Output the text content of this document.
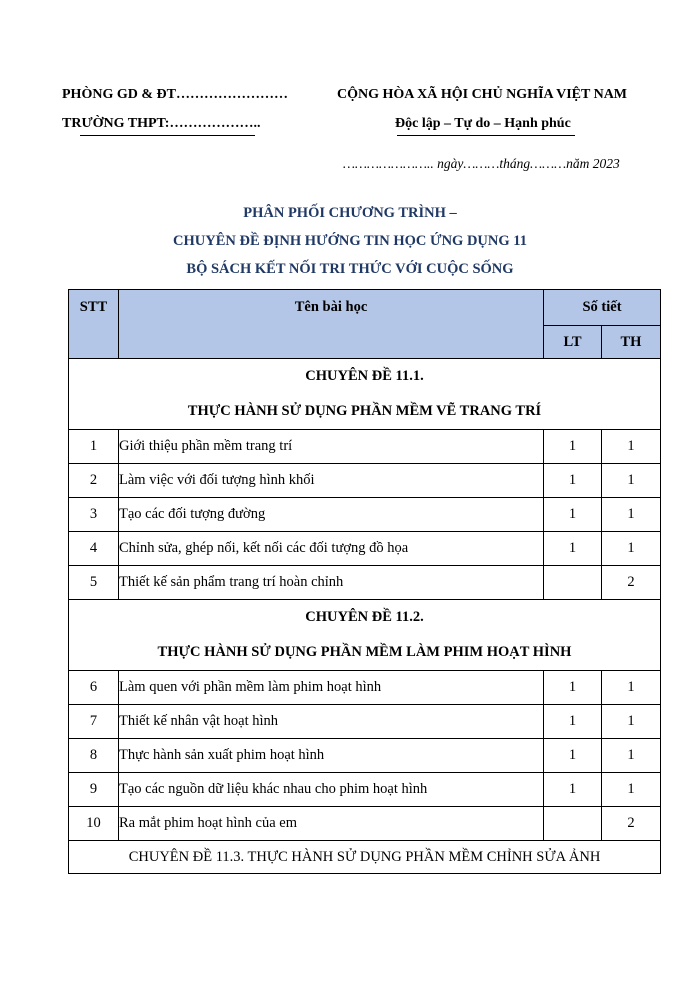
PHÒNG GD & ĐT……………………	CỘNG HÒA XÃ HỘI CHỦ NGHĨA VIỆT NAM
TRƯỜNG THPT:………………..	Độc lập – Tự do – Hạnh phúc
………………….. ngày………tháng………năm 2023
PHÂN PHỐI CHƯƠNG TRÌNH –
CHUYÊN ĐỀ ĐỊNH HƯỚNG TIN HỌC ỨNG DỤNG 11
BỘ SÁCH KẾT NỐI TRI THỨC VỚI CUỘC SỐNG
STT	Tên bài học	Số tiết	
		LT	TH

CHUYÊN ĐỀ 11.1.
THỰC HÀNH SỬ DỤNG PHẦN MỀM VẼ TRANG TRÍ			

1	Giới thiệu phần mềm trang trí	1	1
2	Làm việc với đối tượng hình khối	1	1
3	Tạo các đối tượng đường	1	1
4	Chỉnh sửa, ghép nối, kết nối các đối tượng đồ họa	1	1
5	Thiết kế sản phẩm trang trí hoàn chỉnh		2

CHUYÊN ĐỀ 11.2.
THỰC HÀNH SỬ DỤNG PHẦN MỀM LÀM PHIM HOẠT HÌNH			

6	Làm quen với phần mềm làm phim hoạt hình	1	1
7	Thiết kế nhân vật hoạt hình	1	1
8	Thực hành sản xuất phim hoạt hình	1	1
9	Tạo các nguồn dữ liệu khác nhau cho phim hoạt hình	1	1
10	Ra mắt phim hoạt hình của em		2
CHUYÊN ĐỀ 11.3. THỰC HÀNH SỬ DỤNG PHẦN MỀM CHỈNH SỬA ẢNH			
